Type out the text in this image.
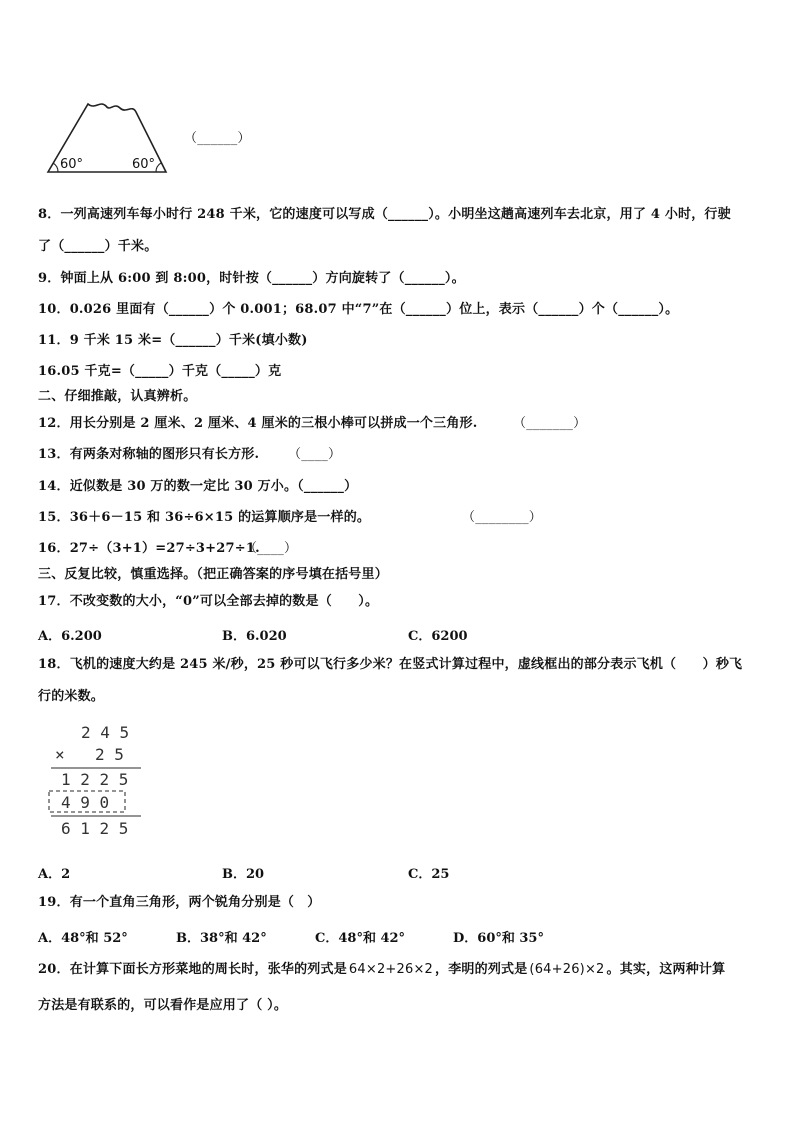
60°	60°
（______）
8．一列高速列车每小时行 248 千米，它的速度可以写成（______）。小明坐这趟高速列车去北京，用了 4 小时，行驶
了（______）千米。
9．钟面上从 6:00 到 8:00，时针按（______）方向旋转了（______）。
10．0.026 里面有（______）个 0.001；68.07 中“7”在（______）位上，表示（______）个（______）。
11．9 千米 15 米=（______）千米(填小数)
16.05 千克=（_____）千克（_____）克
二、仔细推敲，认真辨析。
12．用长分别是 2 厘米、2 厘米、4 厘米的三根小棒可以拼成一个三角形.	（_______）
13．有两条对称轴的图形只有长方形. （____）
14．近似数是 30 万的数一定比 30 万小。（______）
15．36＋6－15 和 36÷6×15 的运算顺序是一样的。	（________）
16．27÷（3+1）=27÷3+27÷1.
（____）
三、反复比较，慎重选择。（把正确答案的序号填在括号里）
17．不改变数的大小，“0”可以全部去掉的数是（　　）。
A．6.200	B．6.020	C．6200
18．飞机的速度大约是 245 米/秒，25 秒可以飞行多少米？在竖式计算过程中，虚线框出的部分表示飞机（　　）秒飞
行的米数。
2 4 5
× 2 5
1 2 2 5
4 9 0
6 1 2 5
A．2	B．20	C．25
19．有一个直角三角形，两个锐角分别是（　）
A．48°和 52°	B．38°和 42°	C．48°和 42°	D．60°和 35°
20．在计算下面长方形菜地的周长时，张华的列式是 64×2+26×2 ，李明的列式是 (64+26)×2 。其实，这两种计算
方法是有联系的，可以看作是应用了（ ）。
